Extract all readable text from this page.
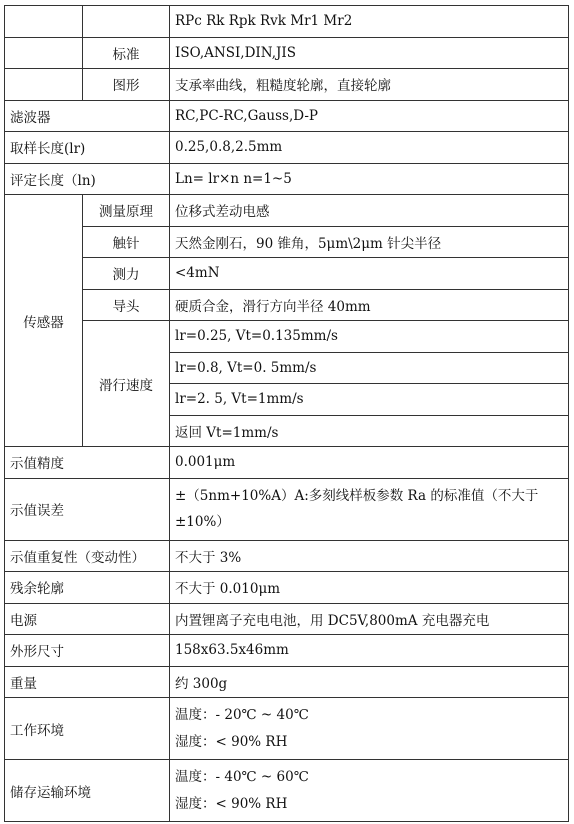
		RPc Rk Rpk Rvk Mr1 Mr2
	标准	ISO,ANSI,DIN,JIS
	图形	支承率曲线，粗糙度轮廓，直接轮廓
滤波器		RC,PC-RC,Gauss,D-P
取样长度(lr)		0.25,0.8,2.5mm
评定长度（ln)		Ln= lr×n n=1~5
传感器	测量原理	位移式差动电感
	触针	天然金刚石，90 锥角，5μm\2μm 针尖半径
	测力	<4mN
	导头	硬质合金，滑行方向半径 40mm
	滑行速度	lr=0.25, Vt=0.135mm/s
		lr=0.8, Vt=0. 5mm/s
		lr=2. 5, Vt=1mm/s
		返回 Vt=1mm/s
示值精度		0.001μm
示值误差		±（5nm+10%A）A:多刻线样板参数 Ra 的标准值（不大于±10%）
示值重复性（变动性）		不大于 3%
残余轮廓		不大于 0.010μm
电源		内置锂离子充电电池，用 DC5V,800mA 充电器充电
外形尺寸		158x63.5x46mm
重量		约 300g
工作环境		温度：- 20℃ ~ 40℃
湿度：< 90% RH

储存运输环境		温度：- 40℃ ~ 60℃
湿度：< 90% RH
